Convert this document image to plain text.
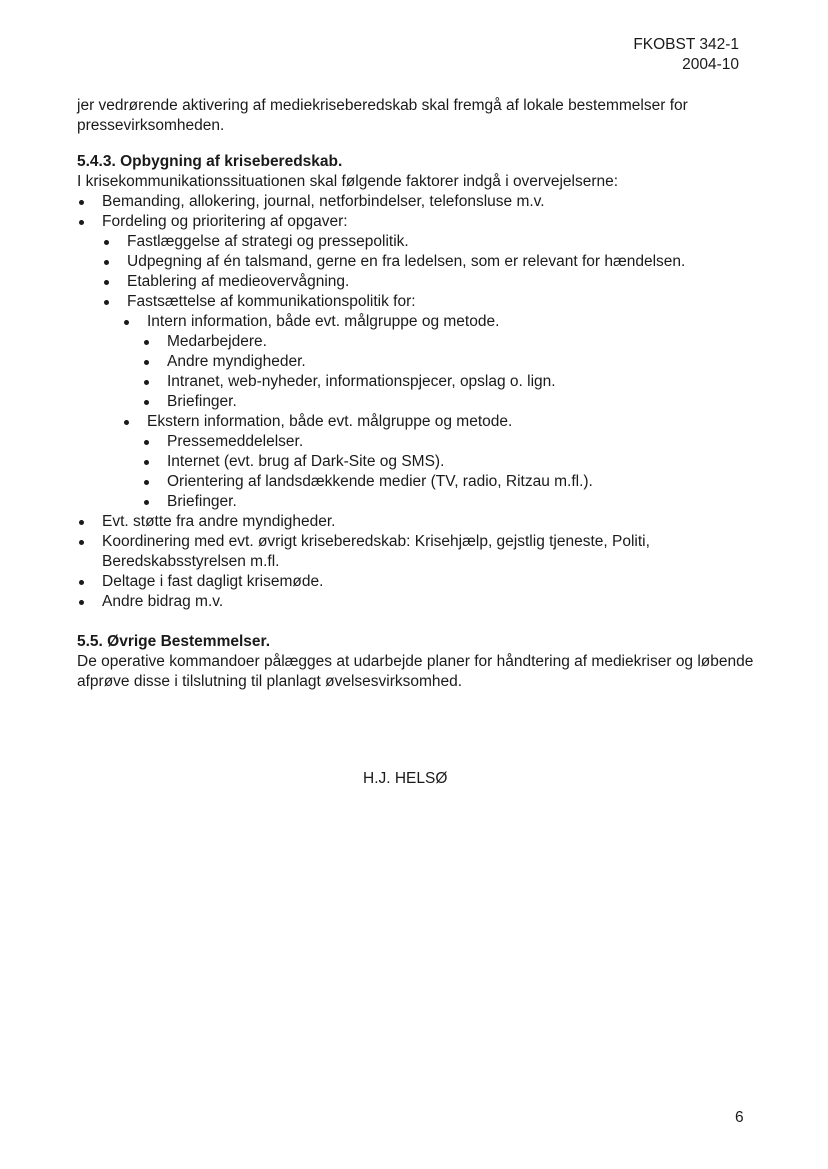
FKOBST 342-1
2004-10
jer vedrørende aktivering af mediekriseberedskab skal fremgå af lokale bestemmelser for pressevirksomheden.
5.4.3. Opbygning af kriseberedskab.
I krisekommunikationssituationen skal følgende faktorer indgå i overvejelserne:
Bemanding, allokering, journal, netforbindelser, telefonsluse m.v.
Fordeling og prioritering af opgaver:
Fastlæggelse af strategi og pressepolitik.
Udpegning af én talsmand, gerne en fra ledelsen, som er relevant for hændelsen.
Etablering af medieovervågning.
Fastsættelse af kommunikationspolitik for:
Intern information, både evt. målgruppe og metode.
Medarbejdere.
Andre myndigheder.
Intranet, web-nyheder, informationspjecer, opslag o. lign.
Briefinger.
Ekstern information, både evt. målgruppe og metode.
Pressemeddelelser.
Internet (evt. brug af Dark-Site og SMS).
Orientering af landsdækkende medier (TV, radio, Ritzau m.fl.).
Briefinger.
Evt. støtte fra andre myndigheder.
Koordinering med evt. øvrigt kriseberedskab: Krisehjælp, gejstlig tjeneste, Politi, Beredskabsstyrelsen m.fl.
Deltage i fast dagligt krisemøde.
Andre bidrag m.v.
5.5. Øvrige Bestemmelser.
De operative kommandoer pålægges at udarbejde planer for håndtering af mediekriser og løbende afprøve disse i tilslutning til planlagt øvelsesvirksomhed.
H.J. HELSØ
6
